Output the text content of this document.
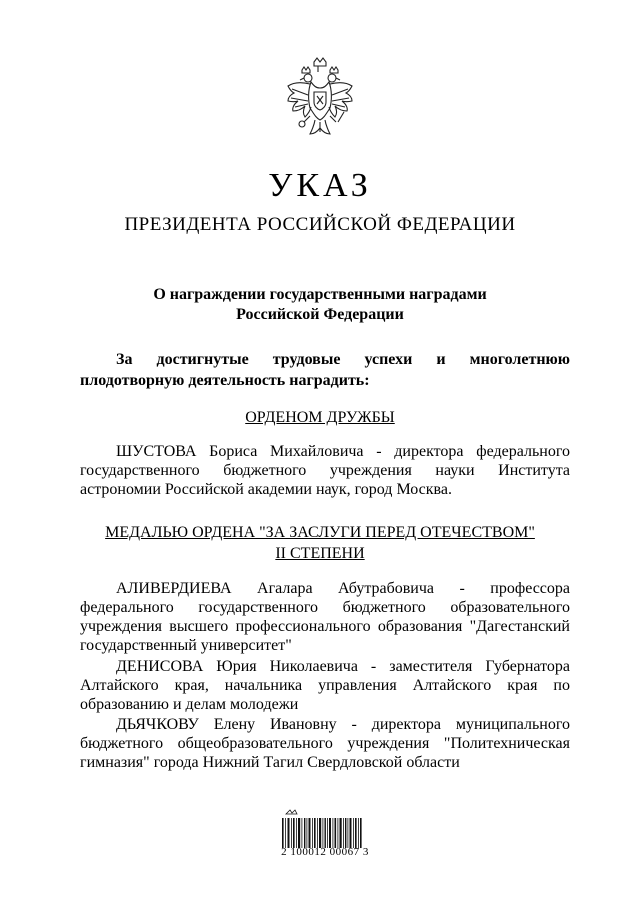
УКАЗ
ПРЕЗИДЕНТА РОССИЙСКОЙ ФЕДЕРАЦИИ
О награждении государственными наградами
Российской Федерации
За достигнутые трудовые успехи и многолетнюю
плодотворную деятельность наградить:
ОРДЕНОМ ДРУЖБЫ
ШУСТОВА Бориса Михайловича - директора федерального
государственного бюджетного учреждения науки Института
астрономии Российской академии наук, город Москва.
МЕДАЛЬЮ ОРДЕНА "ЗА ЗАСЛУГИ ПЕРЕД ОТЕЧЕСТВОМ"
II СТЕПЕНИ
АЛИВЕРДИЕВА Агалара Абутрабовича - профессора
федерального государственного бюджетного образовательного
учреждения высшего профессионального образования "Дагестанский
государственный университет"
ДЕНИСОВА Юрия Николаевича - заместителя Губернатора
Алтайского края, начальника управления Алтайского края по
образованию и делам молодежи
ДЬЯЧКОВУ Елену Ивановну - директора муниципального
бюджетного общеобразовательного учреждения "Политехническая
гимназия" города Нижний Тагил Свердловской области
2 100012 00067 3
